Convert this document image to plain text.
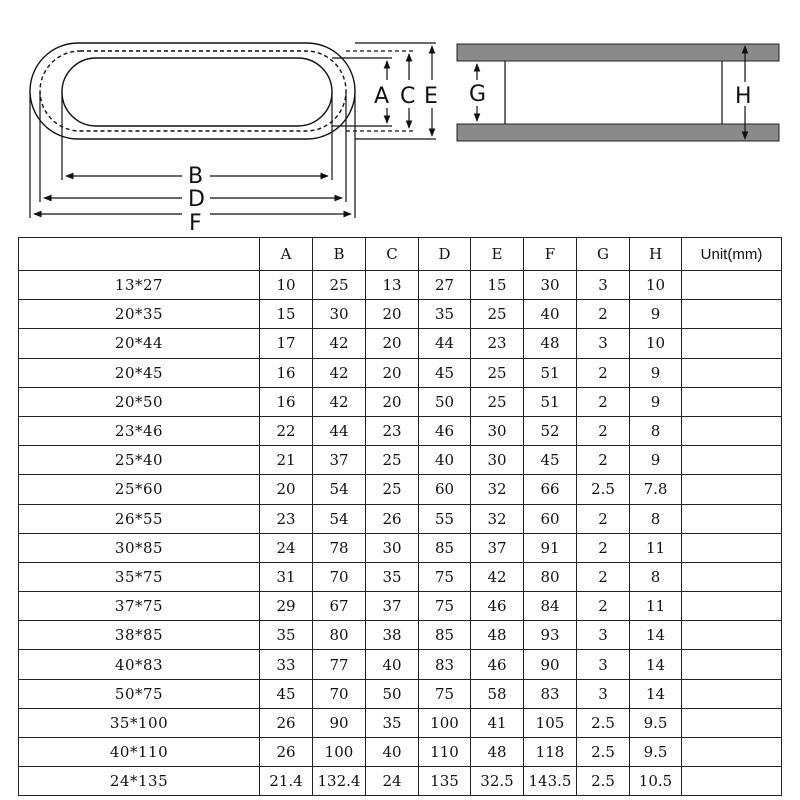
A C E
B
D
F
G	H
	A	B	C	D	E	F	G	H	Unit(mm)
13*27	10	25	13	27	15	30	3	10	
20*35	15	30	20	35	25	40	2	9	
20*44	17	42	20	44	23	48	3	10	
20*45	16	42	20	45	25	51	2	9	
20*50	16	42	20	50	25	51	2	9	
23*46	22	44	23	46	30	52	2	8	
25*40	21	37	25	40	30	45	2	9	
25*60	20	54	25	60	32	66	2.5	7.8	
26*55	23	54	26	55	32	60	2	8	
30*85	24	78	30	85	37	91	2	11	
35*75	31	70	35	75	42	80	2	8	
37*75	29	67	37	75	46	84	2	11	
38*85	35	80	38	85	48	93	3	14	
40*83	33	77	40	83	46	90	3	14	
50*75	45	70	50	75	58	83	3	14	
35*100	26	90	35	100	41	105	2.5	9.5	
40*110	26	100	40	110	48	118	2.5	9.5	
24*135	21.4	132.4	24	135	32.5	143.5	2.5	10.5	
